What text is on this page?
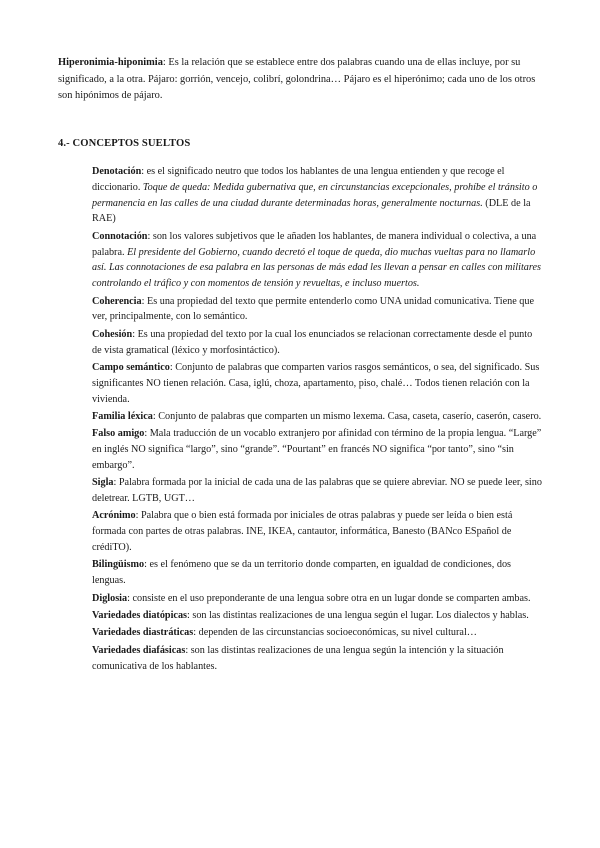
Hiperonimia-hiponimia: Es la relación que se establece entre dos palabras cuando una de ellas incluye, por su significado, a la otra. Pájaro: gorrión, vencejo, colibrí, golondrina… Pájaro es el hiperónimo; cada uno de los otros son hipónimos de pájaro.

4.- CONCEPTOS SUELTOS

Denotación: es el significado neutro que todos los hablantes de una lengua entienden y que recoge el diccionario. Toque de queda: Medida gubernativa que, en circunstancias excepcionales, prohíbe el tránsito o permanencia en las calles de una ciudad durante determinadas horas, generalmente nocturnas. (DLE de la RAE)

Connotación: son los valores subjetivos que le añaden los hablantes, de manera individual o colectiva, a una palabra. El presidente del Gobierno, cuando decretó el toque de queda, dio muchas vueltas para no llamarlo así. Las connotaciones de esa palabra en las personas de más edad les llevan a pensar en calles con militares controlando el tráfico y con momentos de tensión y revueltas, e incluso muertos.

Coherencia: Es una propiedad del texto que permite entenderlo como UNA unidad comunicativa. Tiene que ver, principalmente, con lo semántico.

Cohesión: Es una propiedad del texto por la cual los enunciados se relacionan correctamente desde el punto de vista gramatical (léxico y morfosintáctico).

Campo semántico: Conjunto de palabras que comparten varios rasgos semánticos, o sea, del significado. Sus significantes NO tienen relación. Casa, iglú, choza, apartamento, piso, chalé… Todos tienen relación con la vivienda.

Familia léxica: Conjunto de palabras que comparten un mismo lexema. Casa, caseta, caserío, caserón, casero.

Falso amigo: Mala traducción de un vocablo extranjero por afinidad con término de la propia lengua. “Large” en inglés NO significa “largo”, sino “grande”. “Pourtant” en francés NO significa “por tanto”, sino “sin embargo”.

Sigla: Palabra formada por la inicial de cada una de las palabras que se quiere abreviar. NO se puede leer, sino deletrear. LGTB, UGT…

Acrónimo: Palabra que o bien está formada por iniciales de otras palabras y puede ser leída o bien está formada con partes de otras palabras. INE, IKEA, cantautor, informática, Banesto (BANco ESpañol de crédiTO).

Bilingüismo: es el fenómeno que se da un territorio donde comparten, en igualdad de condiciones, dos lenguas.

Diglosia: consiste en el uso preponderante de una lengua sobre otra en un lugar donde se comparten ambas.

Variedades diatópicas: son las distintas realizaciones de una lengua según el lugar. Los dialectos y hablas.

Variedades diastráticas: dependen de las circunstancias socioeconómicas, su nivel cultural…

Variedades diafásicas: son las distintas realizaciones de una lengua según la intención y la situación comunicativa de los hablantes.
